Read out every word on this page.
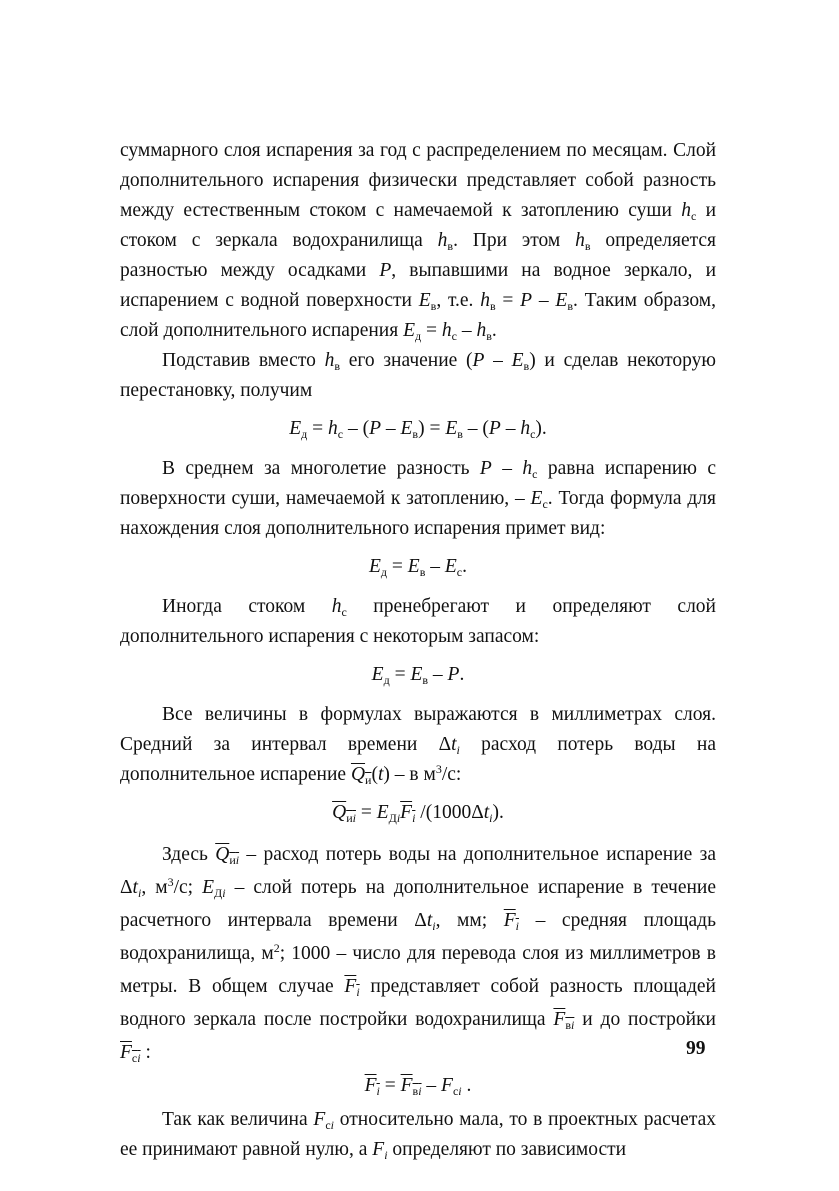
суммарного слоя испарения за год с распределением по месяцам. Слой дополнительного испарения физически представляет собой разность между естественным стоком с намечаемой к затоплению суши $h_с$ и стоком с зеркала водохранилища $h_в$. При этом $h_в$ определяется разностью между осадками P, выпавшими на водное зеркало, и испарением с водной поверхности $E_в$, т.е. $h_в = P - E_в$. Таким образом, слой дополнительного испарения $E_д = h_с - h_в$.

Подставив вместо $h_в$ его значение $(P - E_в)$ и сделав некоторую перестановку, получим

$E_д = h_с - (P - E_в) = E_в - (P - h_с)$.

В среднем за многолетие разность P – $h_с$ равна испарению с поверхности суши, намечаемой к затоплению, – $E_с$. Тогда формула для нахождения слоя дополнительного испарения примет вид:

$E_д = E_в - E_с$.

Иногда стоком $h_с$ пренебрегают и определяют слой дополнительного испарения с некоторым запасом:

$E_д = E_в - P$.

Все величины в формулах выражаются в миллиметрах слоя. Средний за интервал времени $\Delta t_i$ расход потерь воды на дополнительное испарение $Q_и(t)$ – в $м^3/с$:

$Q_{иi} = E_{Дi}F_i$ $/(1000\Delta t_i)$.

Здесь $Q_{иi}$ – расход потерь воды на дополнительное испарение за $\Delta t_i$, $м^3/с$; $E_{Дi}$ – слой потерь на дополнительное испарение в течение расчетного интервала времени $\Delta t_i$, мм; $F_i$ – средняя площадь водохранилища, $м^2$; 1000 – число для перевода слоя из миллиметров в метры. В общем случае $F_i$ представляет собой разность площадей водного зеркала после постройки водохранилища $F_{вi}$ и до постройки $F_{сi}$ :

$F_i = F_{вi} - F_{сi}$ .

Так как величина $F_{сi}$ относительно мала, то в проектных расчетах ее принимают равной нулю, а $F_i$ определяют по зависимости

99
